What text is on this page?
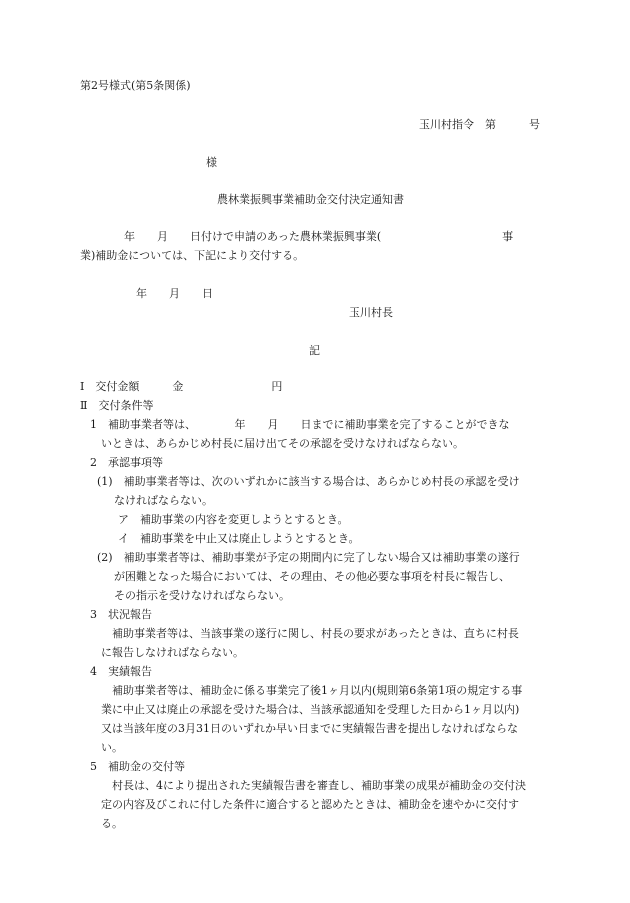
第2号様式(第5条関係)
玉川村指令　第　　　号
様
農林業振興事業補助金交付決定通知書
　　　　年　　月　　日付けで申請のあった農林業振興事業(　　　　　　　　　　　事
業)補助金については、下記により交付する。
年　　月　　日
玉川村長
記
Ⅰ　交付金額　　　金　　　　　　　　円
Ⅱ　交付条件等
1　補助事業者等は、　　　　年　　月　　日までに補助事業を完了することができな
いときは、あらかじめ村長に届け出てその承認を受けなければならない。
2　承認事項等
(1)　補助事業者等は、次のいずれかに該当する場合は、あらかじめ村長の承認を受け
なければならない。
ア　補助事業の内容を変更しようとするとき。
イ　補助事業を中止又は廃止しようとするとき。
(2)　補助事業者等は、補助事業が予定の期間内に完了しない場合又は補助事業の遂行
が困難となった場合においては、その理由、その他必要な事項を村長に報告し、
その指示を受けなければならない。
3　状況報告
補助事業者等は、当該事業の遂行に関し、村長の要求があったときは、直ちに村長
に報告しなければならない。
4　実績報告
補助事業者等は、補助金に係る事業完了後1ヶ月以内(規則第6条第1項の規定する事
業に中止又は廃止の承認を受けた場合は、当該承認通知を受理した日から1ヶ月以内)
又は当該年度の3月31日のいずれか早い日までに実績報告書を提出しなければならな
い。
5　補助金の交付等
村長は、4により提出された実績報告書を審査し、補助事業の成果が補助金の交付決
定の内容及びこれに付した条件に適合すると認めたときは、補助金を速やかに交付す
る。
